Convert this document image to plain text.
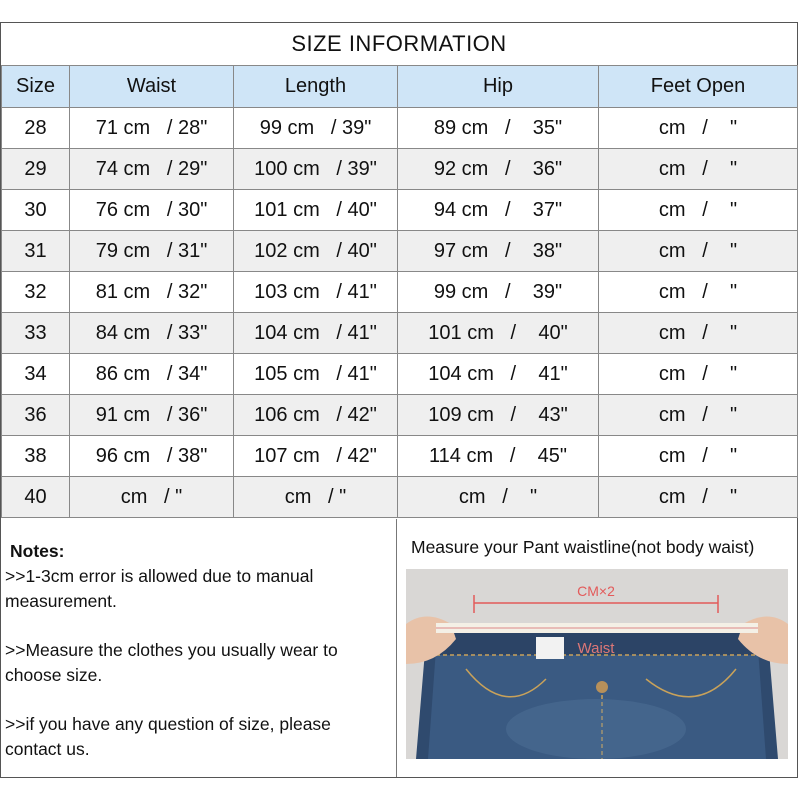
SIZE INFORMATION
Size	Waist	Length	Hip	Feet Open
28	71 cm   / 28"	99 cm   / 39"	89 cm   /    35"	cm   /    "
29	74 cm   / 29"	100 cm   / 39"	92 cm   /    36"	cm   /    "
30	76 cm   / 30"	101 cm   / 40"	94 cm   /    37"	cm   /    "
31	79 cm   / 31"	102 cm   / 40"	97 cm   /    38"	cm   /    "
32	81 cm   / 32"	103 cm   / 41"	99 cm   /    39"	cm   /    "
33	84 cm   / 33"	104 cm   / 41"	101 cm   /    40"	cm   /    "
34	86 cm   / 34"	105 cm   / 41"	104 cm   /    41"	cm   /    "
36	91 cm   / 36"	106 cm   / 42"	109 cm   /    43"	cm   /    "
38	96 cm   / 38"	107 cm   / 42"	114 cm   /    45"	cm   /    "
40	cm   / "	cm   / "	cm   /    "	cm   /    "
Notes:

>>1-3cm error is allowed due to manual measurement.

>>Measure the clothes you usually wear to choose size.

>>if you have any question of size, please contact us.

Measure your Pant waistline(not body waist)
CM×2
Waist
